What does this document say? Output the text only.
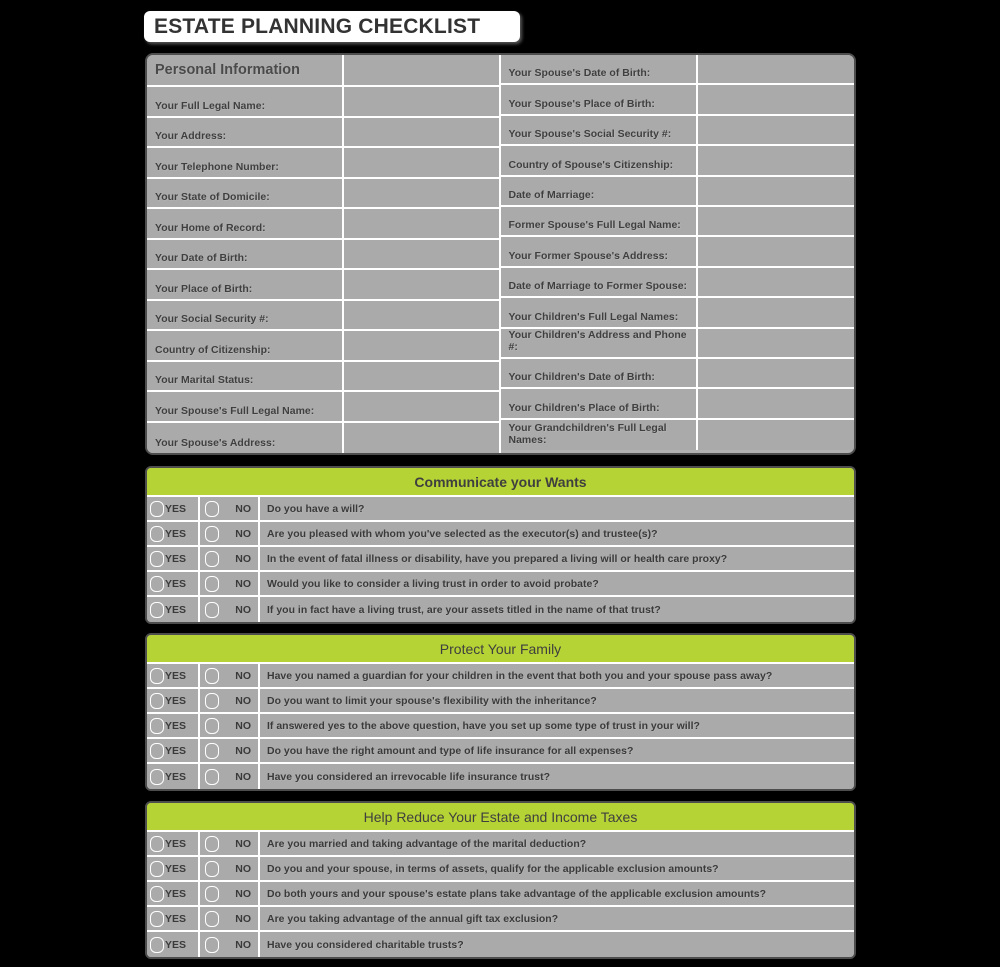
ESTATE PLANNING CHECKLIST
Personal Information
Your Full Legal Name:
Your Address:
Your Telephone Number:
Your State of Domicile:
Your Home of Record:
Your Date of Birth:
Your Place of Birth:
Your Social Security #:
Country of Citizenship:
Your Marital Status:
Your Spouse's Full Legal Name:
Your Spouse's Address:
Your Spouse's Date of Birth:
Your Spouse's Place of Birth:
Your Spouse's Social Security #:
Country of Spouse's Citizenship:
Date of Marriage:
Former Spouse's Full Legal Name:
Your Former Spouse's Address:
Date of Marriage to Former Spouse:
Your Children's Full Legal Names:
Your Children's Address and Phone #:
Your Children's Date of Birth:
Your Children's Place of Birth:
Your Grandchildren's Full Legal Names:
Communicate your Wants
YES	NO Do you have a will?
YES	NO Are you pleased with whom you've selected as the executor(s) and trustee(s)?
YES	NO In the event of fatal illness or disability, have you prepared a living will or health care proxy?
YES	NO Would you like to consider a living trust in order to avoid probate?
YES	NO If you in fact have a living trust, are your assets titled in the name of that trust?
Protect Your Family
YES	NO Have you named a guardian for your children in the event that both you and your spouse pass away?
YES	NO Do you want to limit your spouse's flexibility with the inheritance?
YES	NO If answered yes to the above question, have you set up some type of trust in your will?
YES	NO Do you have the right amount and type of life insurance for all expenses?
YES	NO Have you considered an irrevocable life insurance trust?
Help Reduce Your Estate and Income Taxes
YES	NO Are you married and taking advantage of the marital deduction?
YES	NO Do you and your spouse, in terms of assets, qualify for the applicable exclusion amounts?
YES	NO Do both yours and your spouse's estate plans take advantage of the applicable exclusion amounts?
YES	NO Are you taking advantage of the annual gift tax exclusion?
YES	NO Have you considered charitable trusts?
